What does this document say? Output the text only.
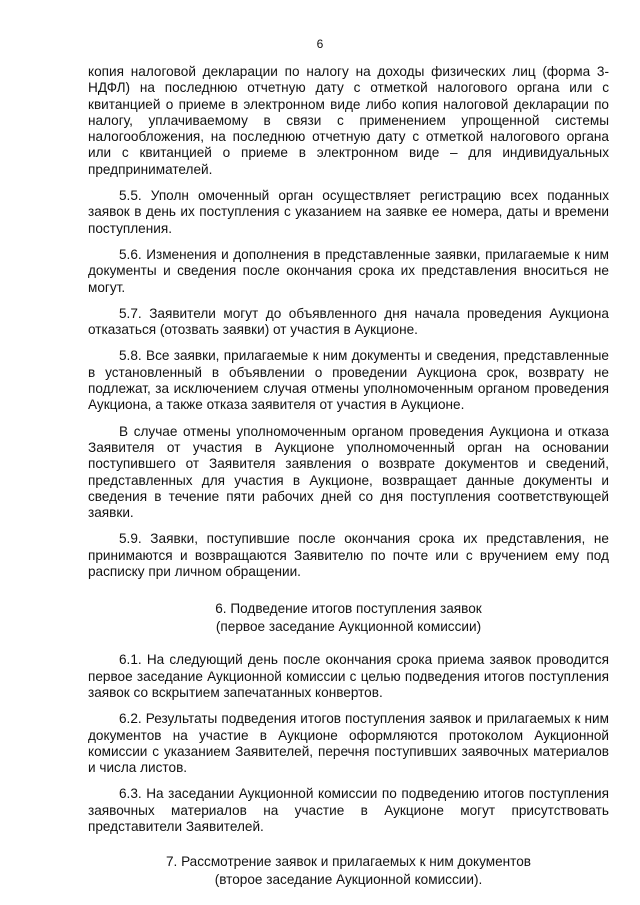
6

копия налоговой декларации по налогу на доходы физических лиц (форма 3-НДФЛ) на последнюю отчетную дату с отметкой налогового органа или с квитанцией о приеме в электронном виде либо копия налоговой декларации по налогу, уплачиваемому в связи с применением упрощенной системы налогообложения, на последнюю отчетную дату с отметкой налогового органа или с квитанцией о приеме в электронном виде – для индивидуальных предпринимателей.

5.5. Уполн омоченный орган осуществляет регистрацию всех поданных заявок в день их поступления с указанием на заявке ее номера, даты и времени поступления.

5.6. Изменения и дополнения в представленные заявки, прилагаемые к ним документы и сведения после окончания срока их представления вноситься не могут.

5.7. Заявители могут до объявленного дня начала проведения Аукциона отказаться (отозвать заявки) от участия в Аукционе.

5.8. Все заявки, прилагаемые к ним документы и сведения, представленные в установленный в объявлении о проведении Аукциона срок, возврату не подлежат, за исключением случая отмены уполномоченным органом проведения Аукциона, а также отказа заявителя от участия в Аукционе.

В случае отмены уполномоченным органом проведения Аукциона и отказа Заявителя от участия в Аукционе уполномоченный орган на основании поступившего от Заявителя заявления о возврате документов и сведений, представленных для участия в Аукционе, возвращает данные документы и сведения в течение пяти рабочих дней со дня поступления соответствующей заявки.

5.9. Заявки, поступившие после окончания срока их представления, не принимаются и возвращаются Заявителю по почте или с вручением ему под расписку при личном обращении.

6. Подведение итогов поступления заявок
(первое заседание Аукционной комиссии)

6.1. На следующий день после окончания срока приема заявок проводится первое заседание Аукционной комиссии с целью подведения итогов поступления заявок со вскрытием запечатанных конвертов.

6.2. Результаты подведения итогов поступления заявок и прилагаемых к ним документов на участие в Аукционе оформляются протоколом Аукционной комиссии с указанием Заявителей, перечня поступивших заявочных материалов и числа листов.

6.3. На заседании Аукционной комиссии по подведению итогов поступления заявочных материалов на участие в Аукционе могут присутствовать представители Заявителей.

7. Рассмотрение заявок и прилагаемых к ним документов
(второе заседание Аукционной комиссии).
